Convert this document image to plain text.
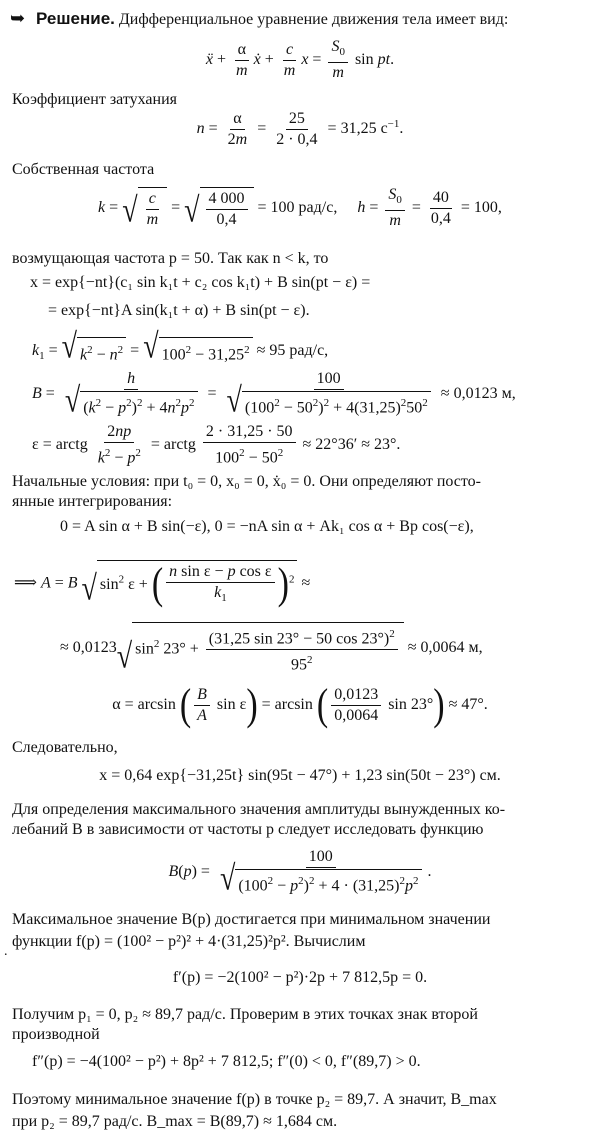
➥ Решение. Дифференциальное уравнение движения тела имеет вид:
ẍ + $\frac{\alpha}{m}$ ẋ + $\frac{c}{m}$ $x = \frac{S_0}{m}$ sin pt.
Коэффициент затухания
$n = \frac{\alpha}{2m} = \frac{25}{2 \cdot 0,4} = 31,25$ $с^{-1}$.
Собственная частота
k = √ $\frac{c}{m}$ = √ $\frac{4 000}{0,4} = 100$ рад/с,     $h = \frac{S_0}{m} = \frac{40}{0,4} = 100$,
возмущающая частота p = 50. Так как n < k, то
x = exp{−nt}(c₁ sin k₁t + c₂ cos k₁t) + B sin(pt − ε) =
= exp{−nt}A sin(k₁t + α) + B sin(pt − ε).
$k_1$ = √ $k^2 - n^2$ = √ $100^2 - 31,25^2 \approx 95$ рад/с,
$B = \frac{h}{√ (k^2 - p^2)^2 + 4n^2p^2} = \frac{100}{√ (100^2 - 50^2)^2 + 4(31,25)^250^2} \approx 0,0123$ м,
ε = arctg $\frac{2np}{k^2 - p^2}$ = arctg $\frac{2 \cdot 31,25 \cdot 50}{100^2 - 50^2} \approx 22^\circ 36' \approx 23^\circ$.
Начальные условия: при t₀ = 0, x₀ = 0, ẋ₀ = 0. Они определяют посто-
янные интегрирования:
0 = A sin α + B sin(−ε), 0 = −nA sin α + Ak₁ cos α + Bp cos(−ε),
⟹ A = B √ $\sin^2 \varepsilon$ + ( $\frac{\text{n sin ε − p cos ε}}{k_1} )^2$ ≈
≈ 0,0123 √ $\sin^2 23^\circ + \frac{(31,25 \sin 23^\circ - 50 \cos 23^\circ)^2}{95^2} \approx 0,0064$ м,
α = arcsin ( $\frac{B}{A}$ sin ε) = arcsin ( $\frac{0,0123}{0,0064}$ sin 23°) ≈ 47°.
Следовательно,
x = 0,64 exp{−31,25t} sin(95t − 47°) + 1,23 sin(50t − 23°) см.
Для определения максимального значения амплитуды вынужденных ко-
лебаний B в зависимости от частоты p следует исследовать функцию
$B(p) = \frac{100}{√ (100^2 - p^2)^2 + 4 \cdot (31,25)^2p^2}$ .
Максимальное значение B(p) достигается при минимальном значении
функции f(p) = (100² − p²)² + 4·(31,25)²p². Вычислим
.
f′(p) = −2(100² − p²)·2p + 7 812,5p = 0.
Получим p₁ = 0, p₂ ≈ 89,7 рад/с. Проверим в этих точках знак второй
производной
f″(p) = −4(100² − p²) + 8p² + 7 812,5; f″(0) < 0, f″(89,7) > 0.
Поэтому минимальное значение f(p) в точке p₂ = 89,7. А значит, B_max
при p₂ = 89,7 рад/с. B_max = B(89,7) ≈ 1,684 см.
